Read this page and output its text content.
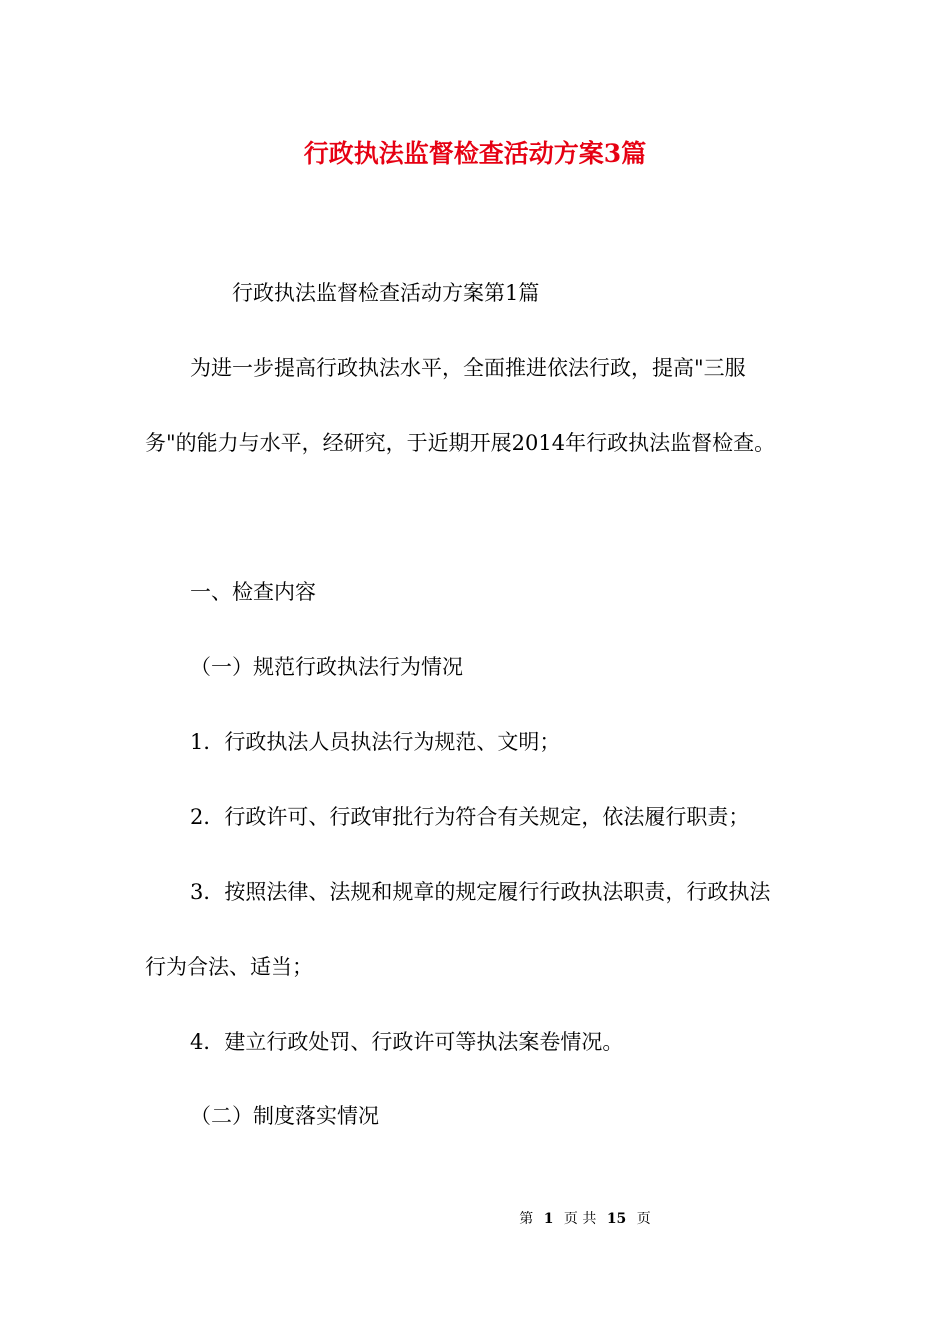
行政执法监督检查活动方案3篇
行政执法监督检查活动方案第1篇
为进一步提高行政执法水平，全面推进依法行政，提高"三服
务"的能力与水平，经研究，于近期开展2014年行政执法监督检查。
一、检查内容
（一）规范行政执法行为情况
1．行政执法人员执法行为规范、文明；
2．行政许可、行政审批行为符合有关规定，依法履行职责；
3．按照法律、法规和规章的规定履行行政执法职责，行政执法
行为合法、适当；
4．建立行政处罚、行政许可等执法案卷情况。
（二）制度落实情况
第 1 页 共 15 页
